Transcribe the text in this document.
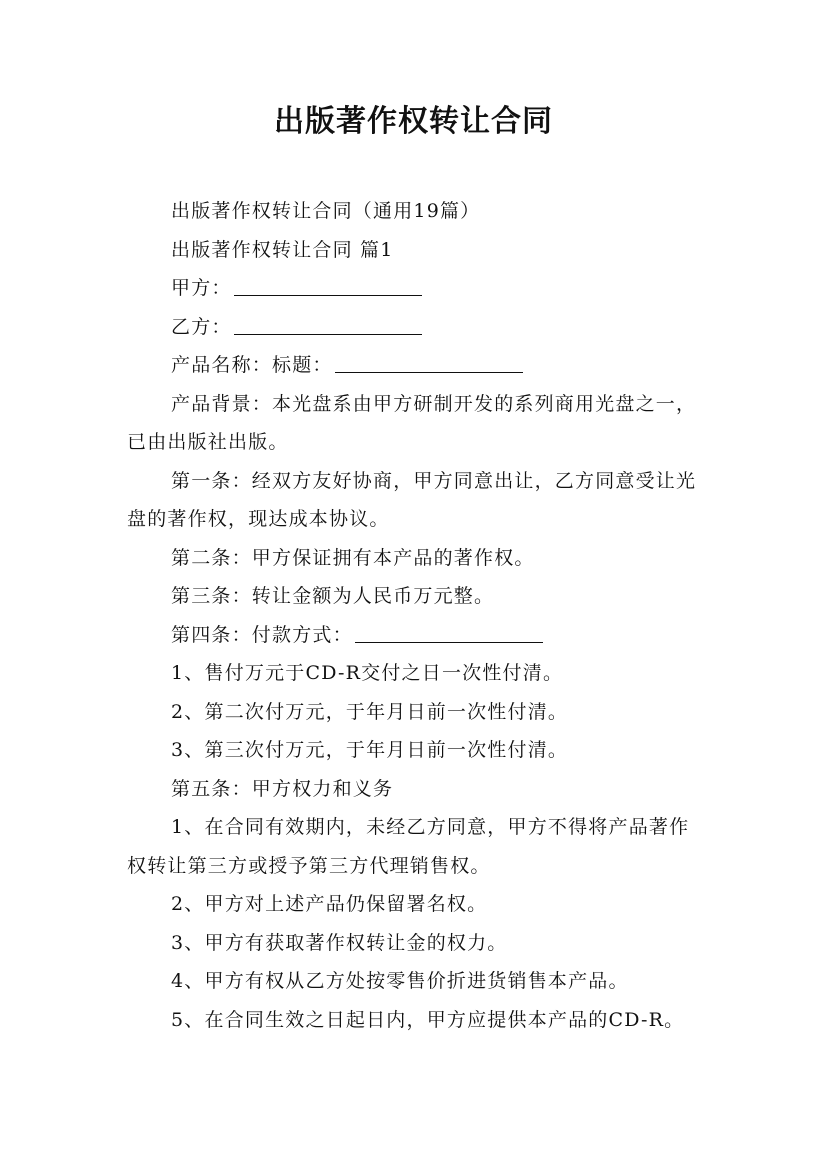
出版著作权转让合同

出版著作权转让合同（通用19篇）

出版著作权转让合同 篇1

甲方：

乙方：

产品名称：标题：

产品背景：本光盘系由甲方研制开发的系列商用光盘之一，已由出版社出版。

第一条：经双方友好协商，甲方同意出让，乙方同意受让光盘的著作权，现达成本协议。

第二条：甲方保证拥有本产品的著作权。

第三条：转让金额为人民币万元整。

第四条：付款方式：

1、售付万元于CD-R交付之日一次性付清。

2、第二次付万元，于年月日前一次性付清。

3、第三次付万元，于年月日前一次性付清。

第五条：甲方权力和义务

1、在合同有效期内，未经乙方同意，甲方不得将产品著作权转让第三方或授予第三方代理销售权。

2、甲方对上述产品仍保留署名权。

3、甲方有获取著作权转让金的权力。

4、甲方有权从乙方处按零售价折进货销售本产品。

5、在合同生效之日起日内，甲方应提供本产品的CD-R。
